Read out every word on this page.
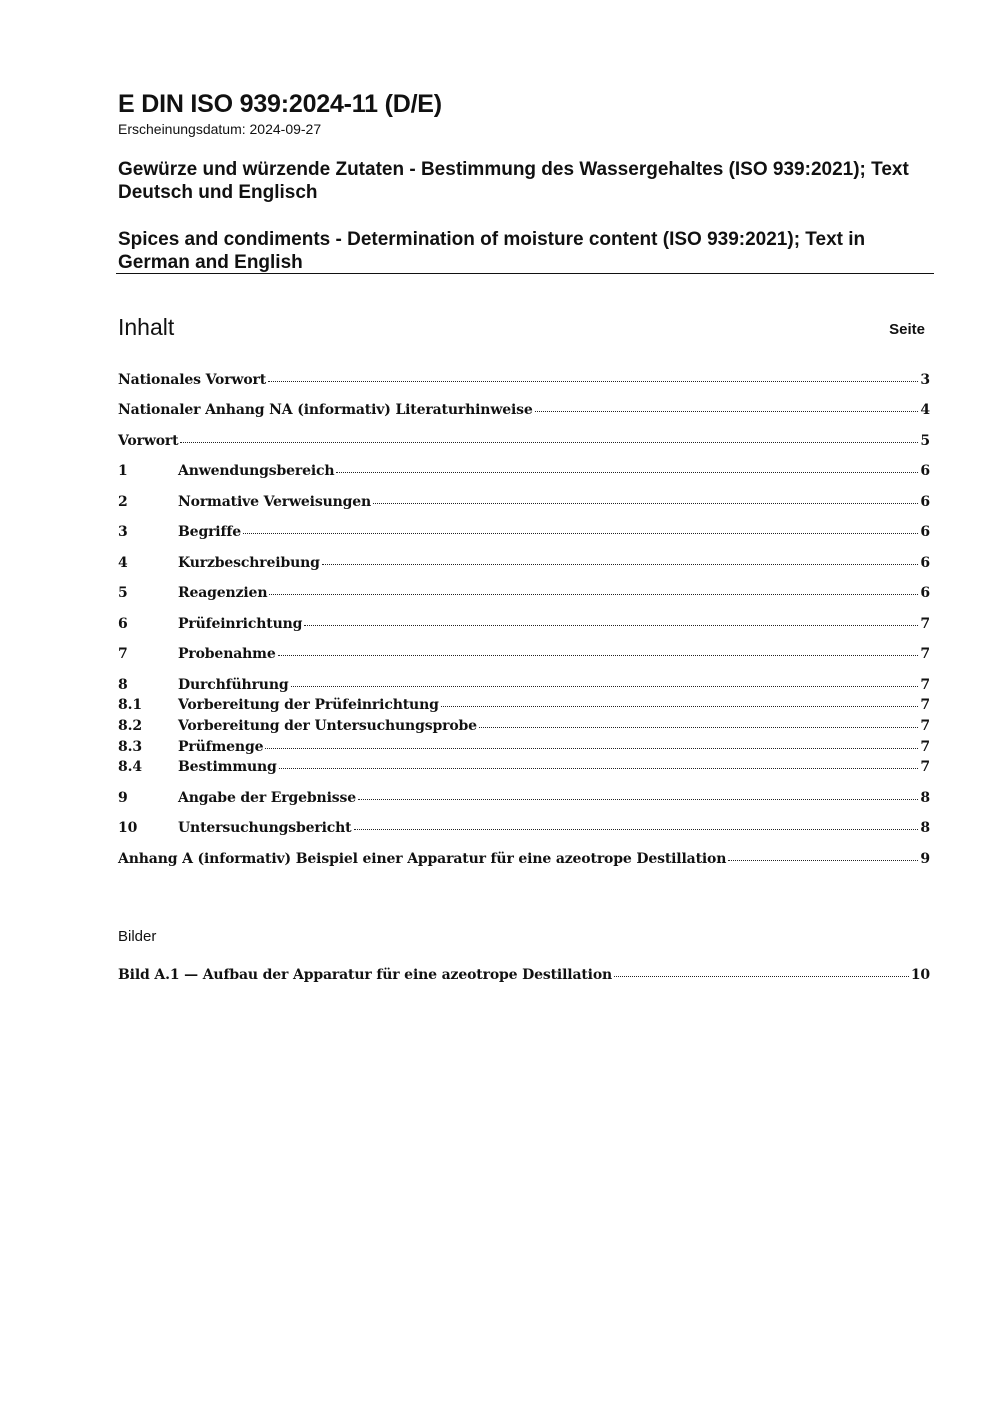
E DIN ISO 939:2024-11 (D/E)
Erscheinungsdatum: 2024-09-27
Gewürze und würzende Zutaten - Bestimmung des Wassergehaltes (ISO 939:2021); Text Deutsch und Englisch
Spices and condiments - Determination of moisture content (ISO 939:2021); Text in German and English
Inhalt	Seite
Nationales Vorwort	3
Nationaler Anhang NA (informativ) Literaturhinweise	4
Vorwort	5
1	Anwendungsbereich	6
2	Normative Verweisungen	6
3	Begriffe	6
4	Kurzbeschreibung	6
5	Reagenzien	6
6	Prüfeinrichtung	7
7	Probenahme	7
8	Durchführung	7
8.1	Vorbereitung der Prüfeinrichtung	7
8.2	Vorbereitung der Untersuchungsprobe	7
8.3	Prüfmenge	7
8.4	Bestimmung	7
9	Angabe der Ergebnisse	8
10	Untersuchungsbericht	8
Anhang A (informativ) Beispiel einer Apparatur für eine azeotrope Destillation	9
Bilder
Bild A.1 — Aufbau der Apparatur für eine azeotrope Destillation	10
